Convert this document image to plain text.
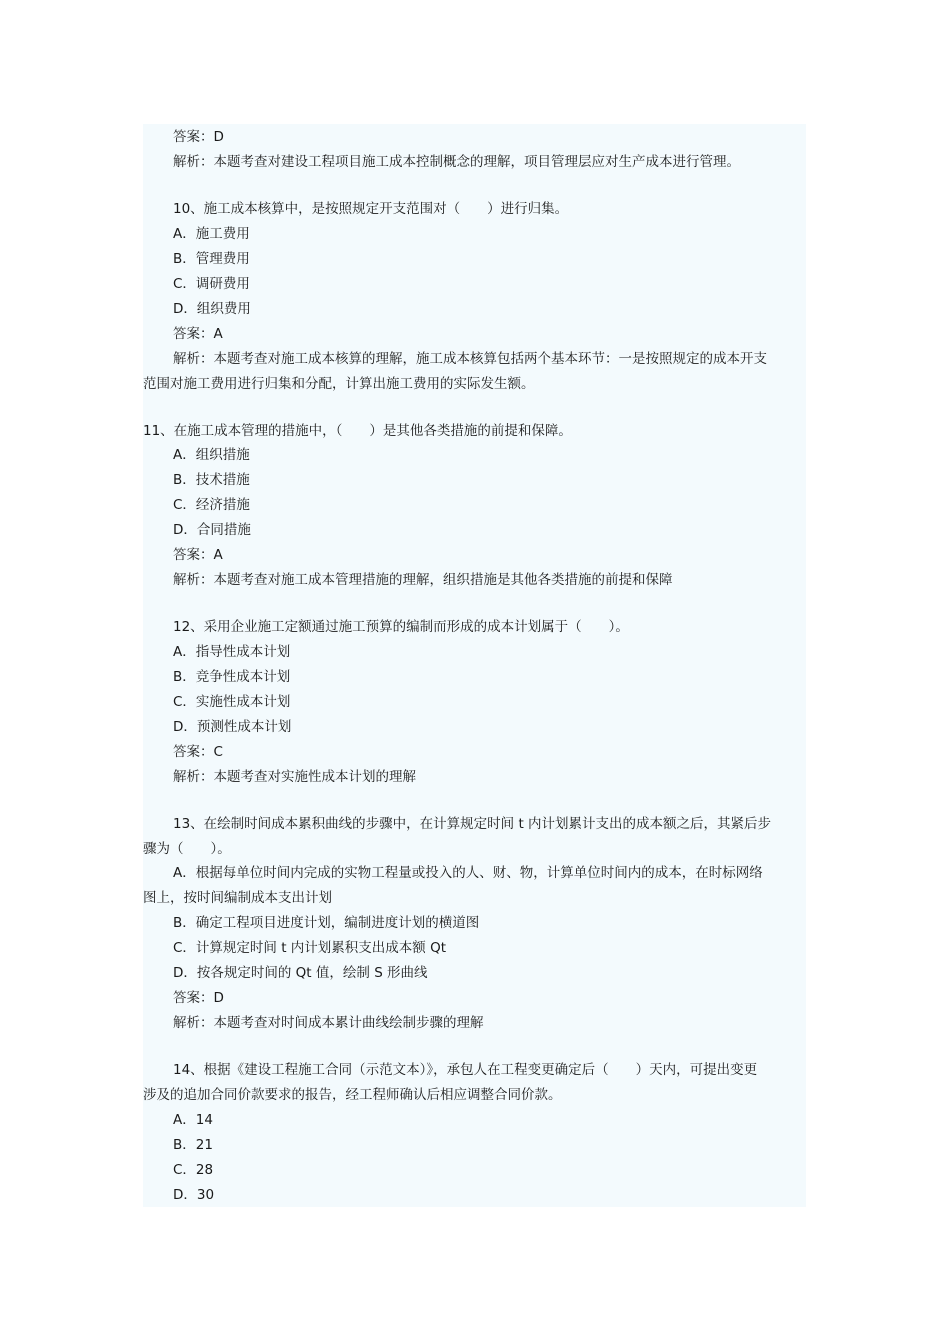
答案：D
解析：本题考查对建设工程项目施工成本控制概念的理解，项目管理层应对生产成本进行管理。
10、施工成本核算中，是按照规定开支范围对（　　）进行归集。
A．施工费用
B．管理费用
C．调研费用
D．组织费用
答案：A
解析：本题考查对施工成本核算的理解，施工成本核算包括两个基本环节：一是按照规定的成本开支
范围对施工费用进行归集和分配，计算出施工费用的实际发生额。
11、在施工成本管理的措施中，（　　）是其他各类措施的前提和保障。
A．组织措施
B．技术措施
C．经济措施
D．合同措施
答案：A
解析：本题考查对施工成本管理措施的理解，组织措施是其他各类措施的前提和保障
12、采用企业施工定额通过施工预算的编制而形成的成本计划属于（　　）。
A．指导性成本计划
B．竞争性成本计划
C．实施性成本计划
D．预测性成本计划
答案：C
解析：本题考查对实施性成本计划的理解
13、在绘制时间成本累积曲线的步骤中，在计算规定时间 t 内计划累计支出的成本额之后，其紧后步
骤为（　　）。
A．根据每单位时间内完成的实物工程量或投入的人、财、物，计算单位时间内的成本，在时标网络
图上，按时间编制成本支出计划
B．确定工程项目进度计划，编制进度计划的横道图
C．计算规定时间 t 内计划累积支出成本额 Qt
D．按各规定时间的 Qt 值，绘制 S 形曲线
答案：D
解析：本题考查对时间成本累计曲线绘制步骤的理解
14、根据《建设工程施工合同（示范文本）》，承包人在工程变更确定后（　　）天内，可提出变更
涉及的追加合同价款要求的报告，经工程师确认后相应调整合同价款。
A．14
B．21
C．28
D．30
